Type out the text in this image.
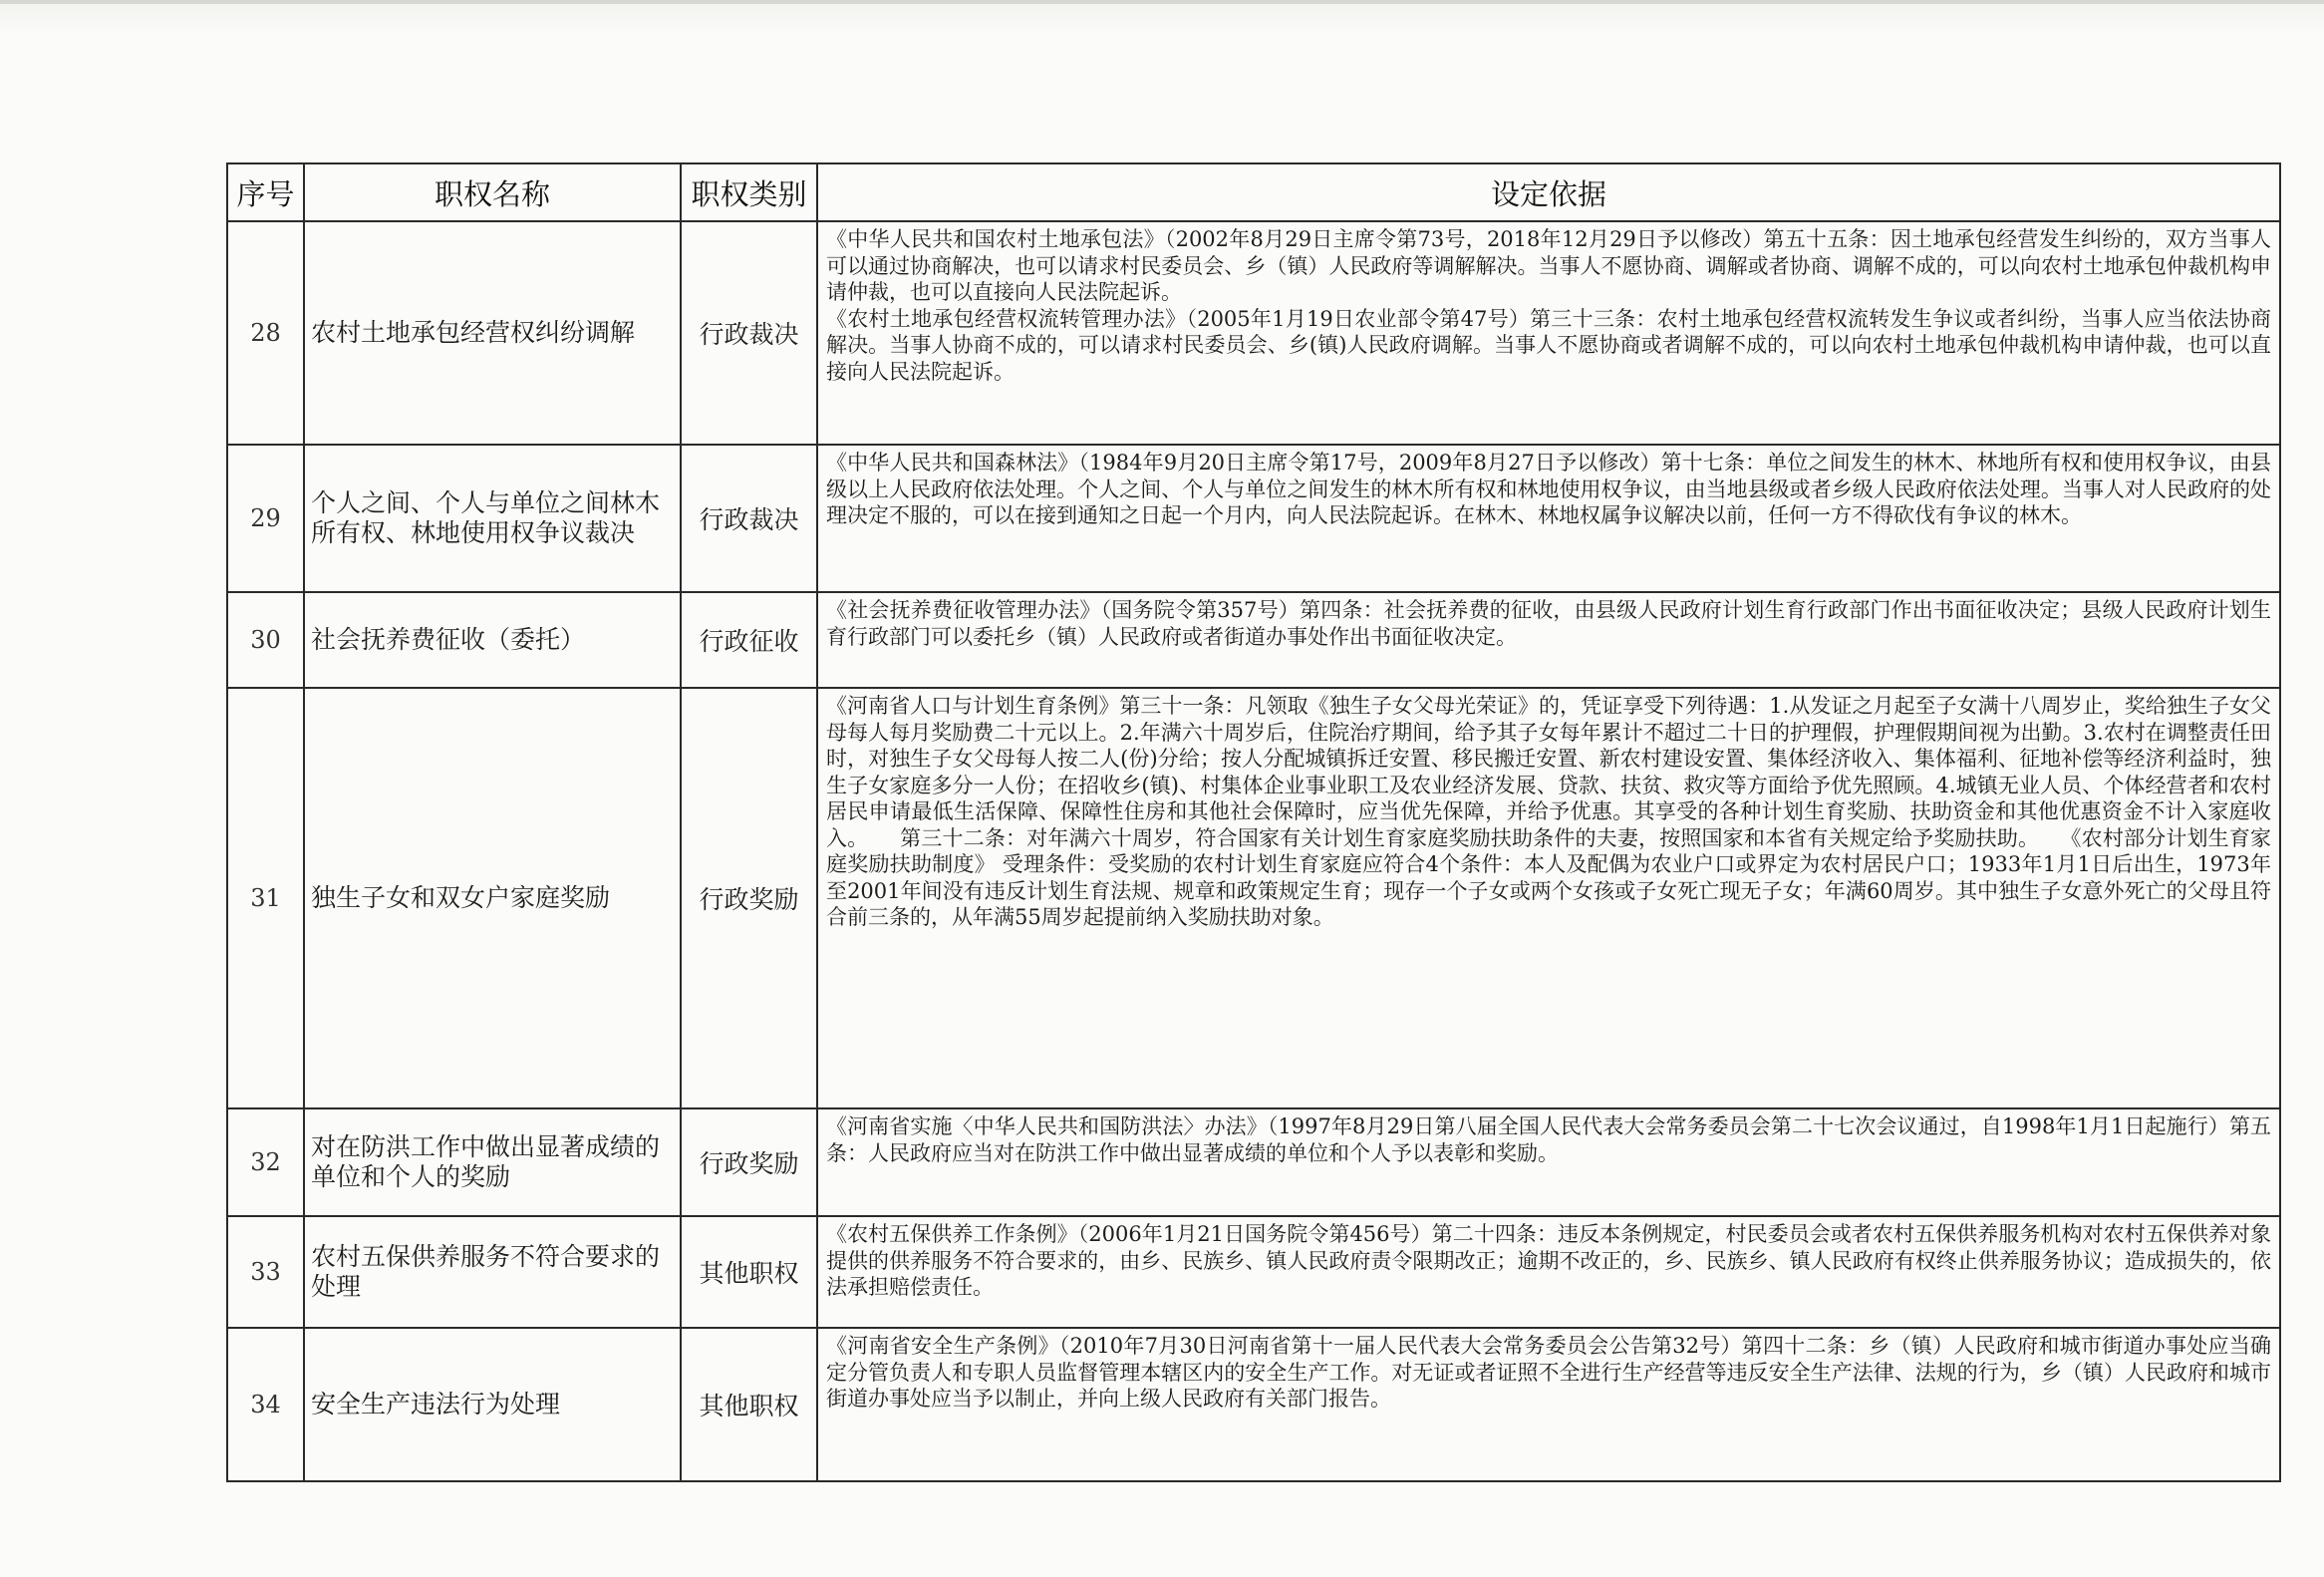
序号	职权名称	职权类别	设定依据
28	农村土地承包经营权纠纷调解	行政裁决	《中华人民共和国农村土地承包法》（2002年8月29日主席令第73号，2018年12月29日予以修改）第五十五条：因土地承包经营发生纠纷的，双方当事人可以通过协商解决，也可以请求村民委员会、乡（镇）人民政府等调解解决。当事人不愿协商、调解或者协商、调解不成的，可以向农村土地承包仲裁机构申请仲裁，也可以直接向人民法院起诉。
《农村土地承包经营权流转管理办法》（2005年1月19日农业部令第47号）第三十三条：农村土地承包经营权流转发生争议或者纠纷，当事人应当依法协商解决。当事人协商不成的，可以请求村民委员会、乡(镇)人民政府调解。当事人不愿协商或者调解不成的，可以向农村土地承包仲裁机构申请仲裁，也可以直接向人民法院起诉。

29	个人之间、个人与单位之间林木所有权、林地使用权争议裁决	行政裁决	《中华人民共和国森林法》（1984年9月20日主席令第17号，2009年8月27日予以修改）第十七条：单位之间发生的林木、林地所有权和使用权争议，由县级以上人民政府依法处理。个人之间、个人与单位之间发生的林木所有权和林地使用权争议，由当地县级或者乡级人民政府依法处理。当事人对人民政府的处理决定不服的，可以在接到通知之日起一个月内，向人民法院起诉。在林木、林地权属争议解决以前，任何一方不得砍伐有争议的林木。

30	社会抚养费征收（委托）	行政征收	《社会抚养费征收管理办法》（国务院令第357号）第四条：社会抚养费的征收，由县级人民政府计划生育行政部门作出书面征收决定；县级人民政府计划生育行政部门可以委托乡（镇）人民政府或者街道办事处作出书面征收决定。

31	独生子女和双女户家庭奖励	行政奖励	《河南省人口与计划生育条例》第三十一条：凡领取《独生子女父母光荣证》的，凭证享受下列待遇：1.从发证之月起至子女满十八周岁止，奖给独生子女父母每人每月奖励费二十元以上。2.年满六十周岁后，住院治疗期间，给予其子女每年累计不超过二十日的护理假，护理假期间视为出勤。3.农村在调整责任田时，对独生子女父母每人按二人(份)分给；按人分配城镇拆迁安置、移民搬迁安置、新农村建设安置、集体经济收入、集体福利、征地补偿等经济利益时，独生子女家庭多分一人份；在招收乡(镇)、村集体企业事业职工及农业经济发展、贷款、扶贫、救灾等方面给予优先照顾。4.城镇无业人员、个体经营者和农村居民申请最低生活保障、保障性住房和其他社会保障时，应当优先保障，并给予优惠。其享受的各种计划生育奖励、扶助资金和其他优惠资金不计入家庭收入。　　第三十二条：对年满六十周岁，符合国家有关计划生育家庭奖励扶助条件的夫妻，按照国家和本省有关规定给予奖励扶助。　　《农村部分计划生育家庭奖励扶助制度》 受理条件：受奖励的农村计划生育家庭应符合4个条件：本人及配偶为农业户口或界定为农村居民户口；1933年1月1日后出生，1973年至2001年间没有违反计划生育法规、规章和政策规定生育；现存一个子女或两个女孩或子女死亡现无子女；年满60周岁。其中独生子女意外死亡的父母且符合前三条的，从年满55周岁起提前纳入奖励扶助对象。

32	对在防洪工作中做出显著成绩的单位和个人的奖励	行政奖励	《河南省实施〈中华人民共和国防洪法〉办法》（1997年8月29日第八届全国人民代表大会常务委员会第二十七次会议通过，自1998年1月1日起施行）第五条：人民政府应当对在防洪工作中做出显著成绩的单位和个人予以表彰和奖励。

33	农村五保供养服务不符合要求的处理	其他职权	《农村五保供养工作条例》（2006年1月21日国务院令第456号）第二十四条：违反本条例规定，村民委员会或者农村五保供养服务机构对农村五保供养对象提供的供养服务不符合要求的，由乡、民族乡、镇人民政府责令限期改正；逾期不改正的，乡、民族乡、镇人民政府有权终止供养服务协议；造成损失的，依法承担赔偿责任。

34	安全生产违法行为处理	其他职权	《河南省安全生产条例》（2010年7月30日河南省第十一届人民代表大会常务委员会公告第32号）第四十二条：乡（镇）人民政府和城市街道办事处应当确定分管负责人和专职人员监督管理本辖区内的安全生产工作。对无证或者证照不全进行生产经营等违反安全生产法律、法规的行为，乡（镇）人民政府和城市街道办事处应当予以制止，并向上级人民政府有关部门报告。
